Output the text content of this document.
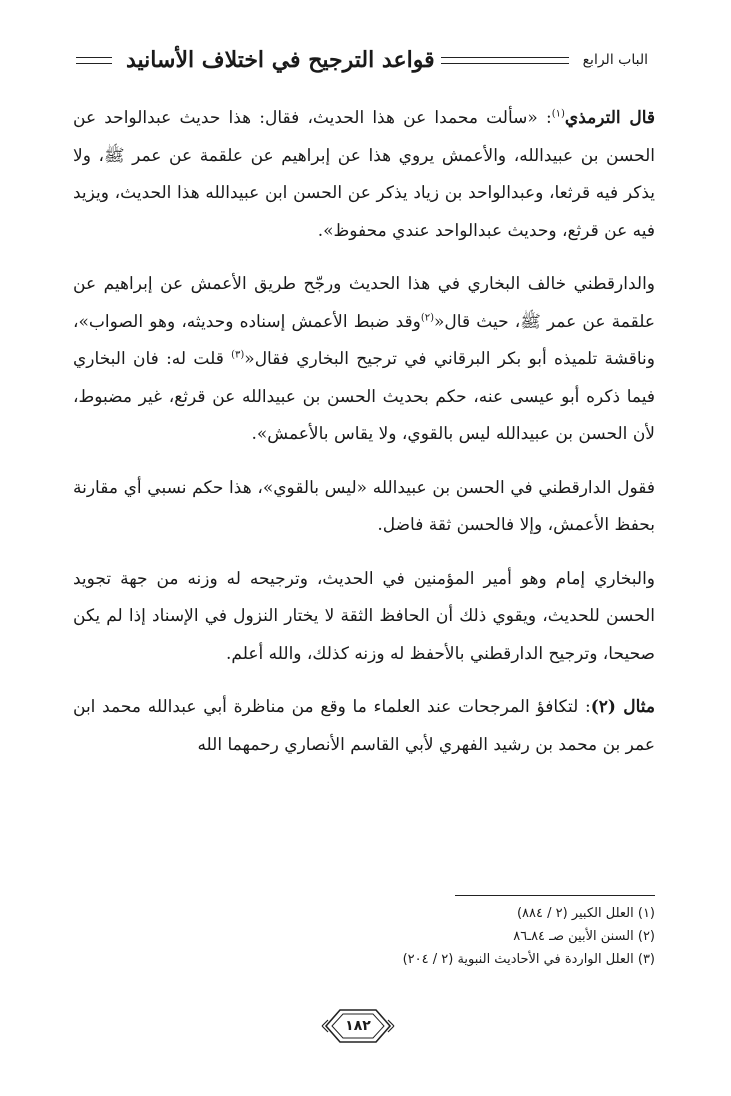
الباب الرابع
قواعد الترجيح في اختلاف الأسانيد

قال الترمذي$^{(١)}$: «سألت محمدا عن هذا الحديث، فقال: هذا حديث عبدالواحد عن الحسن بن عبيدالله، والأعمش يروي هذا عن إبراهيم عن علقمة عن عمر ﷺ، ولا يذكر فيه قرثعا، وعبدالواحد بن زياد يذكر عن الحسن ابن عبيدالله هذا الحديث، ويزيد فيه عن قرثع، وحديث عبدالواحد عندي محفوظ».

والدارقطني خالف البخاري في هذا الحديث ورجّح طريق الأعمش عن إبراهيم عن علقمة عن عمر ﷺ، حيث قال«$^{(٢)}$وقد ضبط الأعمش إسناده وحديثه، وهو الصواب»، وناقشة تلميذه أبو بكر البرقاني في ترجيح البخاري فقال«$^{(٣)}$ قلت له: فان البخاري فيما ذكره أبو عيسى عنه، حكم بحديث الحسن بن عبيدالله عن قرثع، غير مضبوط، لأن الحسن بن عبيدالله ليس بالقوي، ولا يقاس بالأعمش».

فقول الدارقطني في الحسن بن عبيدالله «ليس بالقوي»، هذا حكم نسبي أي مقارنة بحفظ الأعمش، وإلا فالحسن ثقة فاضل.

والبخاري إمام وهو أمير المؤمنين في الحديث، وترجيحه له وزنه من جهة تجويد الحسن للحديث، ويقوي ذلك أن الحافظ الثقة لا يختار النزول في الإسناد إذا لم يكن صحيحا، وترجيح الدارقطني بالأحفظ له وزنه كذلك، والله أعلم.

مثال (٢): لتكافؤ المرجحات عند العلماء ما وقع من مناظرة أبي عبدالله محمد ابن عمر بن محمد بن رشيد الفهري لأبي القاسم الأنصاري رحمهما الله

(١) العلل الكبير (٢ / ٨٨٤)
(٢) السنن الأبين صـ ٨٤ـ٨٦
(٣) العلل الواردة في الأحاديث النبوية (٢ / ٢٠٤)
١٨٢
